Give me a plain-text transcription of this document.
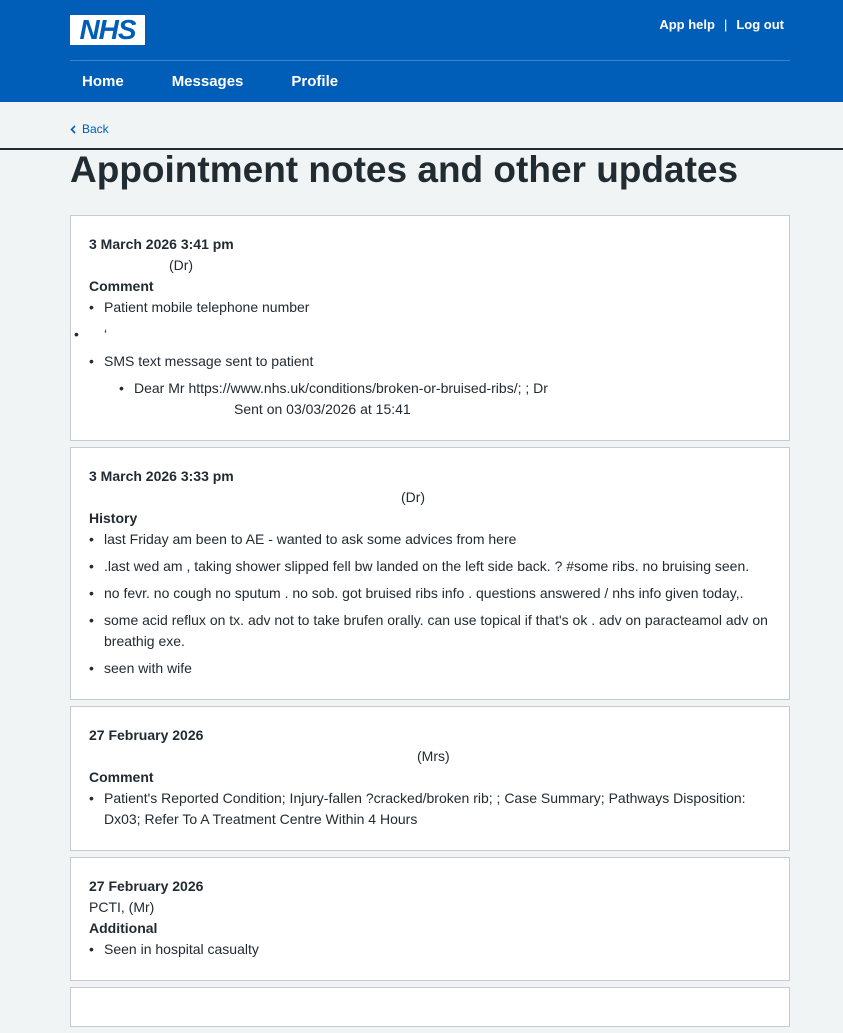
NHS	App help | Log out
Home	Messages	Profile
Back
Appointment notes and other updates
3 March 2026 3:41 pm
(Dr)
Comment
• Patient mobile telephone number
• ‘
• SMS text message sent to patient
• Dear Mr https://www.nhs.uk/conditions/broken-or-bruised-ribs/; ; Dr
Sent on 03/03/2026 at 15:41
3 March 2026 3:33 pm
(Dr)
History
• last Friday am been to AE - wanted to ask some advices from here
• .last wed am , taking shower slipped fell bw landed on the left side back. ? #some ribs. no bruising seen.
• no fevr. no cough no sputum . no sob. got bruised ribs info . questions answered / nhs info given today,.
• some acid reflux on tx. adv not to take brufen orally. can use topical if that's ok . adv on paracteamol adv on breathig exe.
• seen with wife
27 February 2026
(Mrs)
Comment
• Patient's Reported Condition; Injury-fallen ?cracked/broken rib; ; Case Summary; Pathways Disposition: Dx03; Refer To A Treatment Centre Within 4 Hours
27 February 2026
PCTI, (Mr)
Additional
• Seen in hospital casualty
